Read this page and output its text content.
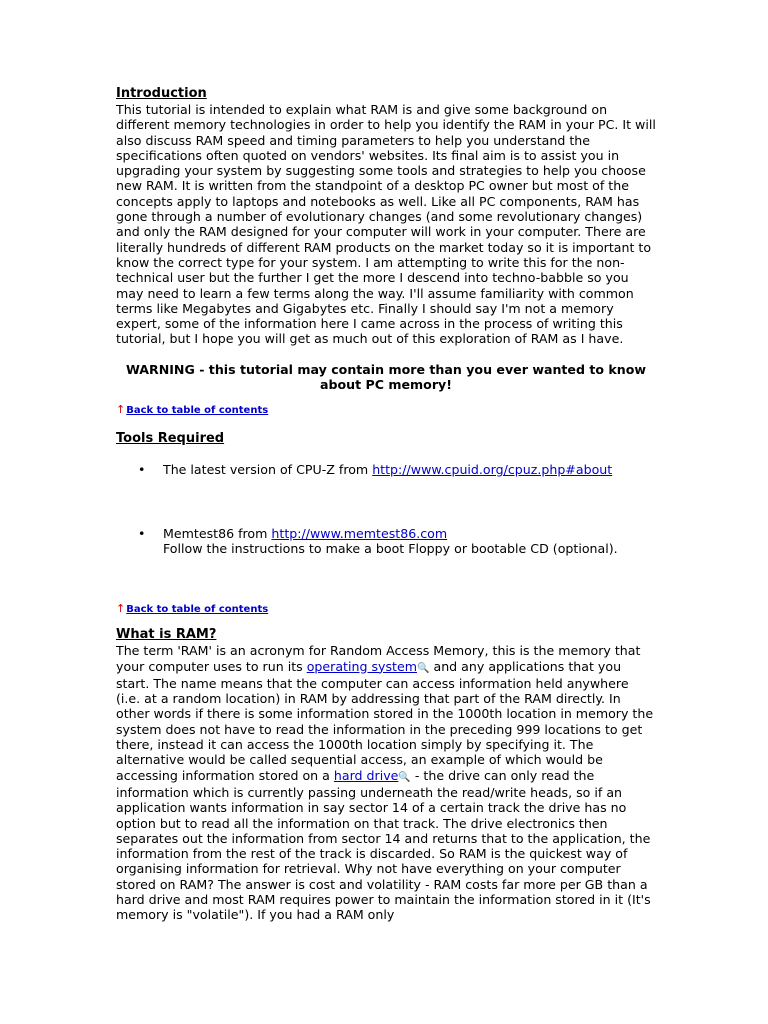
Introduction

This tutorial is intended to explain what RAM is and give some background on different memory technologies in order to help you identify the RAM in your PC. It will also discuss RAM speed and timing parameters to help you understand the specifications often quoted on vendors' websites. Its final aim is to assist you in upgrading your system by suggesting some tools and strategies to help you choose new RAM. It is written from the standpoint of a desktop PC owner but most of the concepts apply to laptops and notebooks as well. Like all PC components, RAM has gone through a number of evolutionary changes (and some revolutionary changes) and only the RAM designed for your computer will work in your computer. There are literally hundreds of different RAM products on the market today so it is important to know the correct type for your system. I am attempting to write this for the non-technical user but the further I get the more I descend into techno-babble so you may need to learn a few terms along the way. I'll assume familiarity with common terms like Megabytes and Gigabytes etc. Finally I should say I'm not a memory expert, some of the information here I came across in the process of writing this tutorial, but I hope you will get as much out of this exploration of RAM as I have.

WARNING - this tutorial may contain more than you ever wanted to know about PC memory!

↑Back to table of contents
Tools Required
• The latest version of CPU-Z from http://www.cpuid.org/cpuz.php#about
• Memtest86 from http://www.memtest86.com
Follow the instructions to make a boot Floppy or bootable CD (optional).
↑Back to table of contents
What is RAM?

The term 'RAM' is an acronym for Random Access Memory, this is the memory that your computer uses to run its operating system🔍 and any applications that you start. The name means that the computer can access information held anywhere (i.e. at a random location) in RAM by addressing that part of the RAM directly. In other words if there is some information stored in the 1000th location in memory the system does not have to read the information in the preceding 999 locations to get there, instead it can access the 1000th location simply by specifying it. The alternative would be called sequential access, an example of which would be accessing information stored on a hard drive🔍 - the drive can only read the information which is currently passing underneath the read/write heads, so if an application wants information in say sector 14 of a certain track the drive has no option but to read all the information on that track. The drive electronics then separates out the information from sector 14 and returns that to the application, the information from the rest of the track is discarded. So RAM is the quickest way of organising information for retrieval. Why not have everything on your computer stored on RAM? The answer is cost and volatility - RAM costs far more per GB than a hard drive and most RAM requires power to maintain the information stored in it (It's memory is "volatile"). If you had a RAM only
